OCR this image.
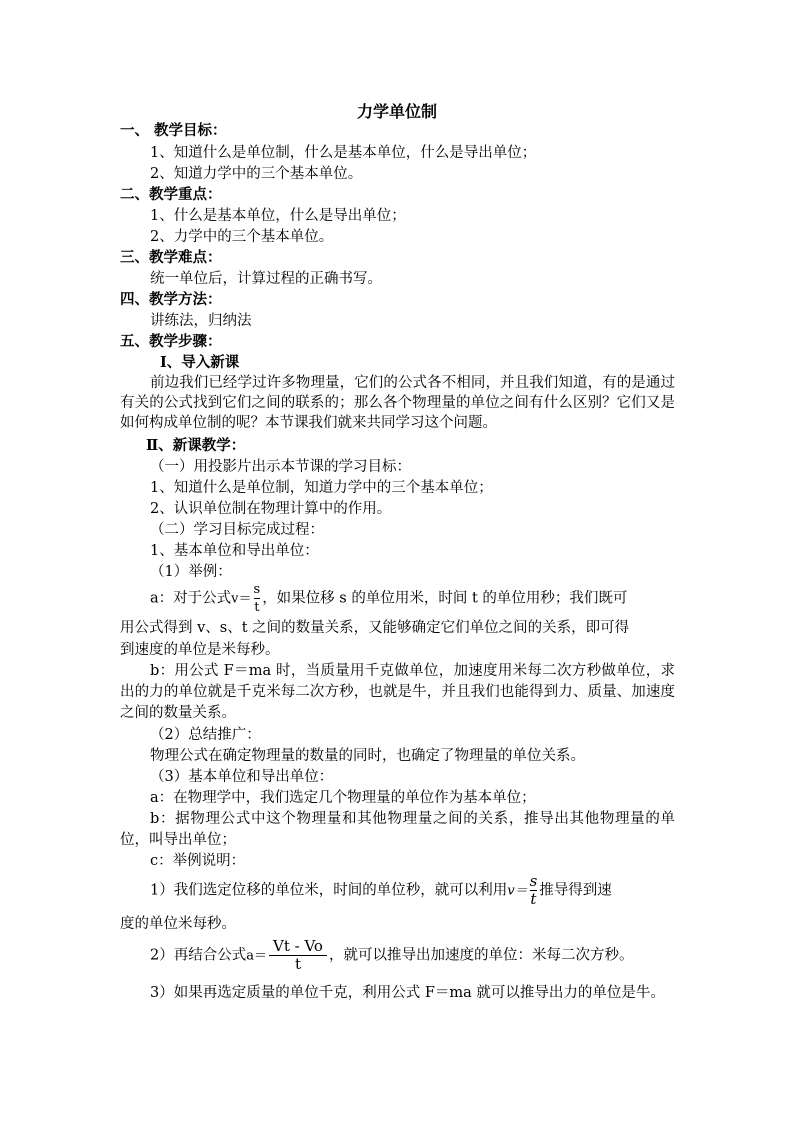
力学单位制
一、 教学目标：
1、知道什么是单位制，什么是基本单位，什么是导出单位；
2、知道力学中的三个基本单位。
二、教学重点：
1、什么是基本单位，什么是导出单位；
2、力学中的三个基本单位。
三、教学难点：
统一单位后，计算过程的正确书写。
四、教学方法：
讲练法，归纳法
五、教学步骤：
Ⅰ、导入新课
前边我们已经学过许多物理量，它们的公式各不相同，并且我们知道，有的是通过有关的公式找到它们之间的联系的；那么各个物理量的单位之间有什么区别？它们又是如何构成单位制的呢？本节课我们就来共同学习这个问题。
Ⅱ、新课教学：
（一）用投影片出示本节课的学习目标：
1、知道什么是单位制，知道力学中的三个基本单位；
2、认识单位制在物理计算中的作用。
（二）学习目标完成过程：
1、基本单位和导出单位：
（1）举例：
a：对于公式$v= \frac{s}{t}$ ，如果位移 s 的单位用米，时间 t 的单位用秒；我们既可
用公式得到 v、s、t 之间的数量关系，又能够确定它们单位之间的关系，即可得
到速度的单位是米每秒。
b：用公式 F＝ma 时，当质量用千克做单位，加速度用米每二次方秒做单位，求出的力的单位就是千克米每二次方秒，也就是牛，并且我们也能得到力、质量、加速度之间的数量关系。
（2）总结推广：
物理公式在确定物理量的数量的同时，也确定了物理量的单位关系。
（3）基本单位和导出单位：
a：在物理学中，我们选定几个物理量的单位作为基本单位；
b：据物理公式中这个物理量和其他物理量之间的关系，推导出其他物理量的单位，叫导出单位；
c：举例说明：
1）我们选定位移的单位米，时间的单位秒，就可以利用$v= \frac{s}{t}$ 推导得到速
度的单位米每秒。
2）再结合公式$a= \frac{Vt - Vo}{t}$ ，就可以推导出加速度的单位：米每二次方秒。
3）如果再选定质量的单位千克，利用公式 F＝ma 就可以推导出力的单位是牛。
